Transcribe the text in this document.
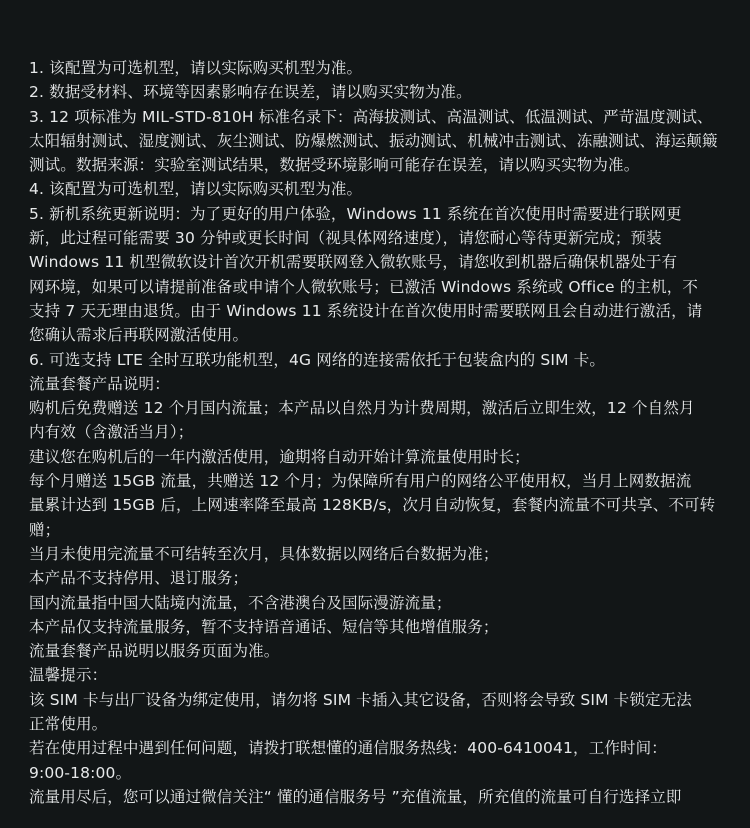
1. 该配置为可选机型，请以实际购买机型为准。
2. 数据受材料、环境等因素影响存在误差，请以购买实物为准。
3. 12 项标准为 MIL-STD-810H 标准名录下：高海拔测试、高温测试、低温测试、严苛温度测试、
太阳辐射测试、湿度测试、灰尘测试、防爆燃测试、振动测试、机械冲击测试、冻融测试、海运颠簸
测试。数据来源：实验室测试结果，数据受环境影响可能存在误差，请以购买实物为准。
4. 该配置为可选机型，请以实际购买机型为准。
5. 新机系统更新说明：为了更好的用户体验，Windows 11 系统在首次使用时需要进行联网更
新，此过程可能需要 30 分钟或更长时间（视具体网络速度），请您耐心等待更新完成；预装
Windows 11 机型微软设计首次开机需要联网登入微软账号，请您收到机器后确保机器处于有
网环境，如果可以请提前准备或申请个人微软账号；已激活 Windows 系统或 Office 的主机，不
支持 7 天无理由退货。由于 Windows 11 系统设计在首次使用时需要联网且会自动进行激活，请
您确认需求后再联网激活使用。
6. 可选支持 LTE 全时互联功能机型，4G 网络的连接需依托于包装盒内的 SIM 卡。
流量套餐产品说明：
购机后免费赠送 12 个月国内流量；本产品以自然月为计费周期，激活后立即生效，12 个自然月
内有效（含激活当月）；
建议您在购机后的一年内激活使用，逾期将自动开始计算流量使用时长；
每个月赠送 15GB 流量，共赠送 12 个月；为保障所有用户的网络公平使用权，当月上网数据流
量累计达到 15GB 后，上网速率降至最高 128KB/s，次月自动恢复，套餐内流量不可共享、不可转
赠；
当月未使用完流量不可结转至次月，具体数据以网络后台数据为准；
本产品不支持停用、退订服务；
国内流量指中国大陆境内流量，不含港澳台及国际漫游流量；
本产品仅支持流量服务，暂不支持语音通话、短信等其他增值服务；
流量套餐产品说明以服务页面为准。
温馨提示：
该 SIM 卡与出厂设备为绑定使用，请勿将 SIM 卡插入其它设备，否则将会导致 SIM 卡锁定无法
正常使用。
若在使用过程中遇到任何问题，请拨打联想懂的通信服务热线：400-6410041，工作时间：
9:00-18:00。
流量用尽后，您可以通过微信关注“ 懂的通信服务号 ”充值流量，所充值的流量可自行选择立即
